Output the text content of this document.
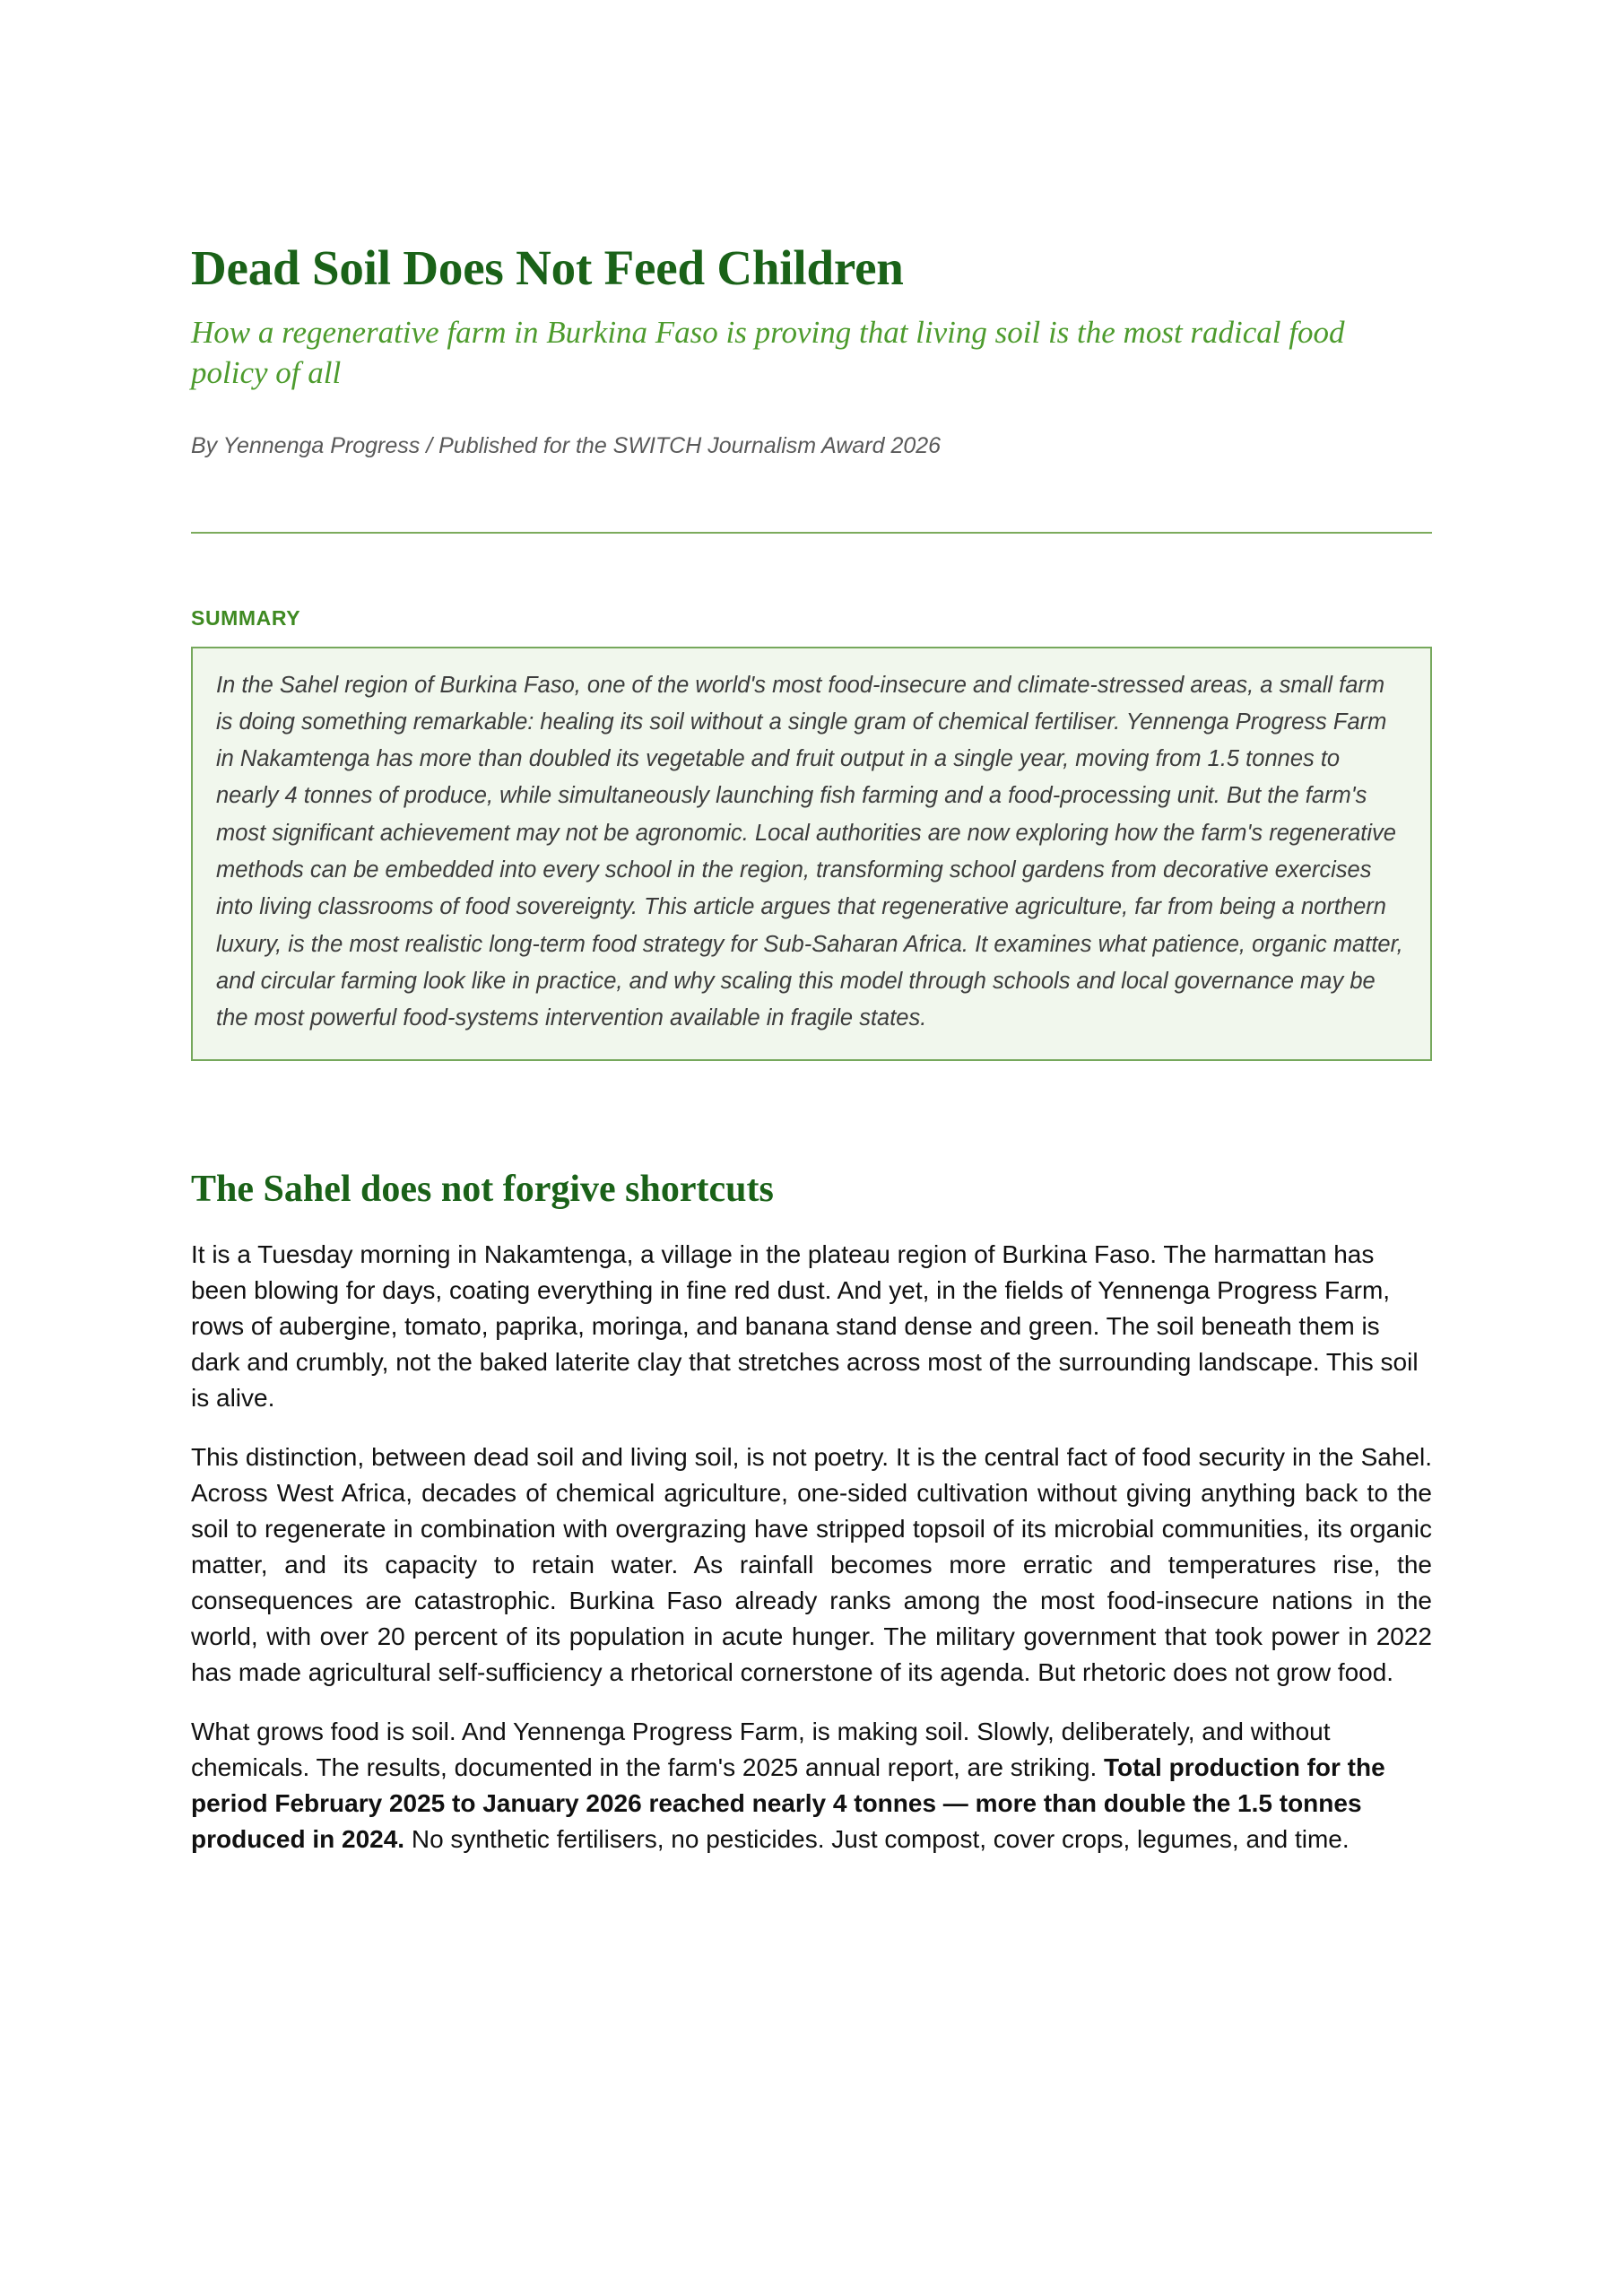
Dead Soil Does Not Feed Children
How a regenerative farm in Burkina Faso is proving that living soil is the most radical food policy of all

By Yennenga Progress / Published for the SWITCH Journalism Award 2026

SUMMARY

In the Sahel region of Burkina Faso, one of the world's most food-insecure and climate-stressed areas, a small farm is doing something remarkable: healing its soil without a single gram of chemical fertiliser. Yennenga Progress Farm in Nakamtenga has more than doubled its vegetable and fruit output in a single year, moving from 1.5 tonnes to nearly 4 tonnes of produce, while simultaneously launching fish farming and a food-processing unit. But the farm's most significant achievement may not be agronomic. Local authorities are now exploring how the farm's regenerative methods can be embedded into every school in the region, transforming school gardens from decorative exercises into living classrooms of food sovereignty. This article argues that regenerative agriculture, far from being a northern luxury, is the most realistic long-term food strategy for Sub-Saharan Africa. It examines what patience, organic matter, and circular farming look like in practice, and why scaling this model through schools and local governance may be the most powerful food-systems intervention available in fragile states.

The Sahel does not forgive shortcuts

It is a Tuesday morning in Nakamtenga, a village in the plateau region of Burkina Faso. The harmattan has been blowing for days, coating everything in fine red dust. And yet, in the fields of Yennenga Progress Farm, rows of aubergine, tomato, paprika, moringa, and banana stand dense and green. The soil beneath them is dark and crumbly, not the baked laterite clay that stretches across most of the surrounding landscape. This soil is alive.

This distinction, between dead soil and living soil, is not poetry. It is the central fact of food security in the Sahel. Across West Africa, decades of chemical agriculture, one-sided cultivation without giving anything back to the soil to regenerate in combination with overgrazing have stripped topsoil of its microbial communities, its organic matter, and its capacity to retain water. As rainfall becomes more erratic and temperatures rise, the consequences are catastrophic. Burkina Faso already ranks among the most food-insecure nations in the world, with over 20 percent of its population in acute hunger. The military government that took power in 2022 has made agricultural self-sufficiency a rhetorical cornerstone of its agenda. But rhetoric does not grow food.

What grows food is soil. And Yennenga Progress Farm, is making soil. Slowly, deliberately, and without chemicals. The results, documented in the farm's 2025 annual report, are striking. Total production for the period February 2025 to January 2026 reached nearly 4 tonnes — more than double the 1.5 tonnes produced in 2024. No synthetic fertilisers, no pesticides. Just compost, cover crops, legumes, and time.
